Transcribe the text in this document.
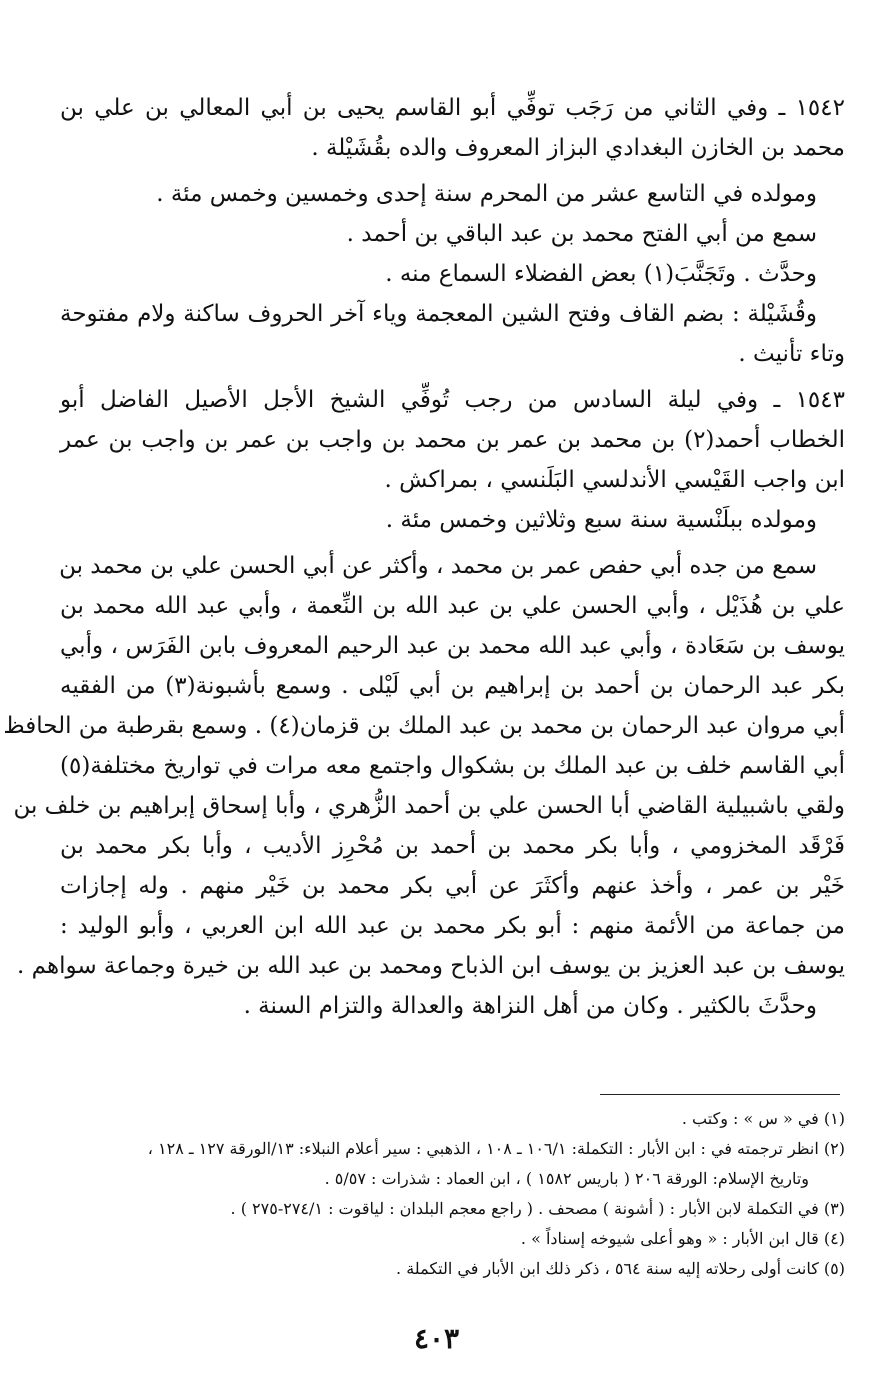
١٥٤٢ ـ وفي الثاني من رَجَب توفِّي أبو القاسم يحيى بن أبي المعالي بن علي بن
محمد بن الخازن البغدادي البزاز المعروف والده بقُشَيْلة .
ومولده في التاسع عشر من المحرم سنة إحدى وخمسين وخمس مئة .
سمع من أبي الفتح محمد بن عبد الباقي بن أحمد .
وحدَّث . وتَجَنَّبَ(١) بعض الفضلاء السماع منه .
وقُشَيْلة : بضم القاف وفتح الشين المعجمة وياء آخر الحروف ساكنة ولام مفتوحة
وتاء تأنيث .
١٥٤٣ ـ وفي ليلة السادس من رجب تُوفِّي الشيخ الأجل الأصيل الفاضل أبو
الخطاب أحمد(٢) بن محمد بن عمر بن محمد بن واجب بن عمر بن واجب بن عمر
ابن واجب القَيْسي الأندلسي البَلَنسي ، بمراكش .
ومولده ببلَنْسية سنة سبع وثلاثين وخمس مئة .
سمع من جده أبي حفص عمر بن محمد ، وأكثر عن أبي الحسن علي بن محمد بن
علي بن هُذَيْل ، وأبي الحسن علي بن عبد الله بن النِّعمة ، وأبي عبد الله محمد بن
يوسف بن سَعَادة ، وأبي عبد الله محمد بن عبد الرحيم المعروف بابن الفَرَس ، وأبي
بكر عبد الرحمان بن أحمد بن إبراهيم بن أبي لَيْلى . وسمع بأشبونة(٣) من الفقيه
أبي مروان عبد الرحمان بن محمد بن عبد الملك بن قزمان(٤) . وسمع بقرطبة من الحافظ
أبي القاسم خلف بن عبد الملك بن بشكوال واجتمع معه مرات في تواريخ مختلفة(٥)
ولقي باشبيلية القاضي أبا الحسن علي بن أحمد الزُّهري ، وأبا إسحاق إبراهيم بن خلف بن
فَرْقَد المخزومي ، وأبا بكر محمد بن أحمد بن مُحْرِز الأديب ، وأبا بكر محمد بن
خَيْر بن عمر ، وأخذ عنهم وأكثَرَ عن أبي بكر محمد بن خَيْر منهم . وله إجازات
من جماعة من الأئمة منهم : أبو بكر محمد بن عبد الله ابن العربي ، وأبو الوليد :
يوسف بن عبد العزيز بن يوسف ابن الذباح ومحمد بن عبد الله بن خيرة وجماعة سواهم .
وحدَّثَ بالكثير . وكان من أهل النزاهة والعدالة والتزام السنة .
(١) في « س » : وكتب .
(٢) انظر ترجمته في : ابن الأبار : التكملة: ١٠٦/١ ـ ١٠٨ ، الذهبي : سير أعلام النبلاء: ١٣/الورقة ١٢٧ ـ ١٢٨ ،
وتاريخ الإسلام: الورقة ٢٠٦ ( باريس ١٥٨٢ ) ، ابن العماد : شذرات : ٥/٥٧ .
(٣) في التكملة لابن الأبار : ( أشونة ) مصحف . ( راجع معجم البلدان : لياقوت : ٢٧٤/١-٢٧٥ ) .
(٤) قال ابن الأبار : « وهو أعلى شيوخه إسناداً » .
(٥) كانت أولى رحلاته إليه سنة ٥٦٤ ، ذكر ذلك ابن الأبار في التكملة .
٤٠٣
